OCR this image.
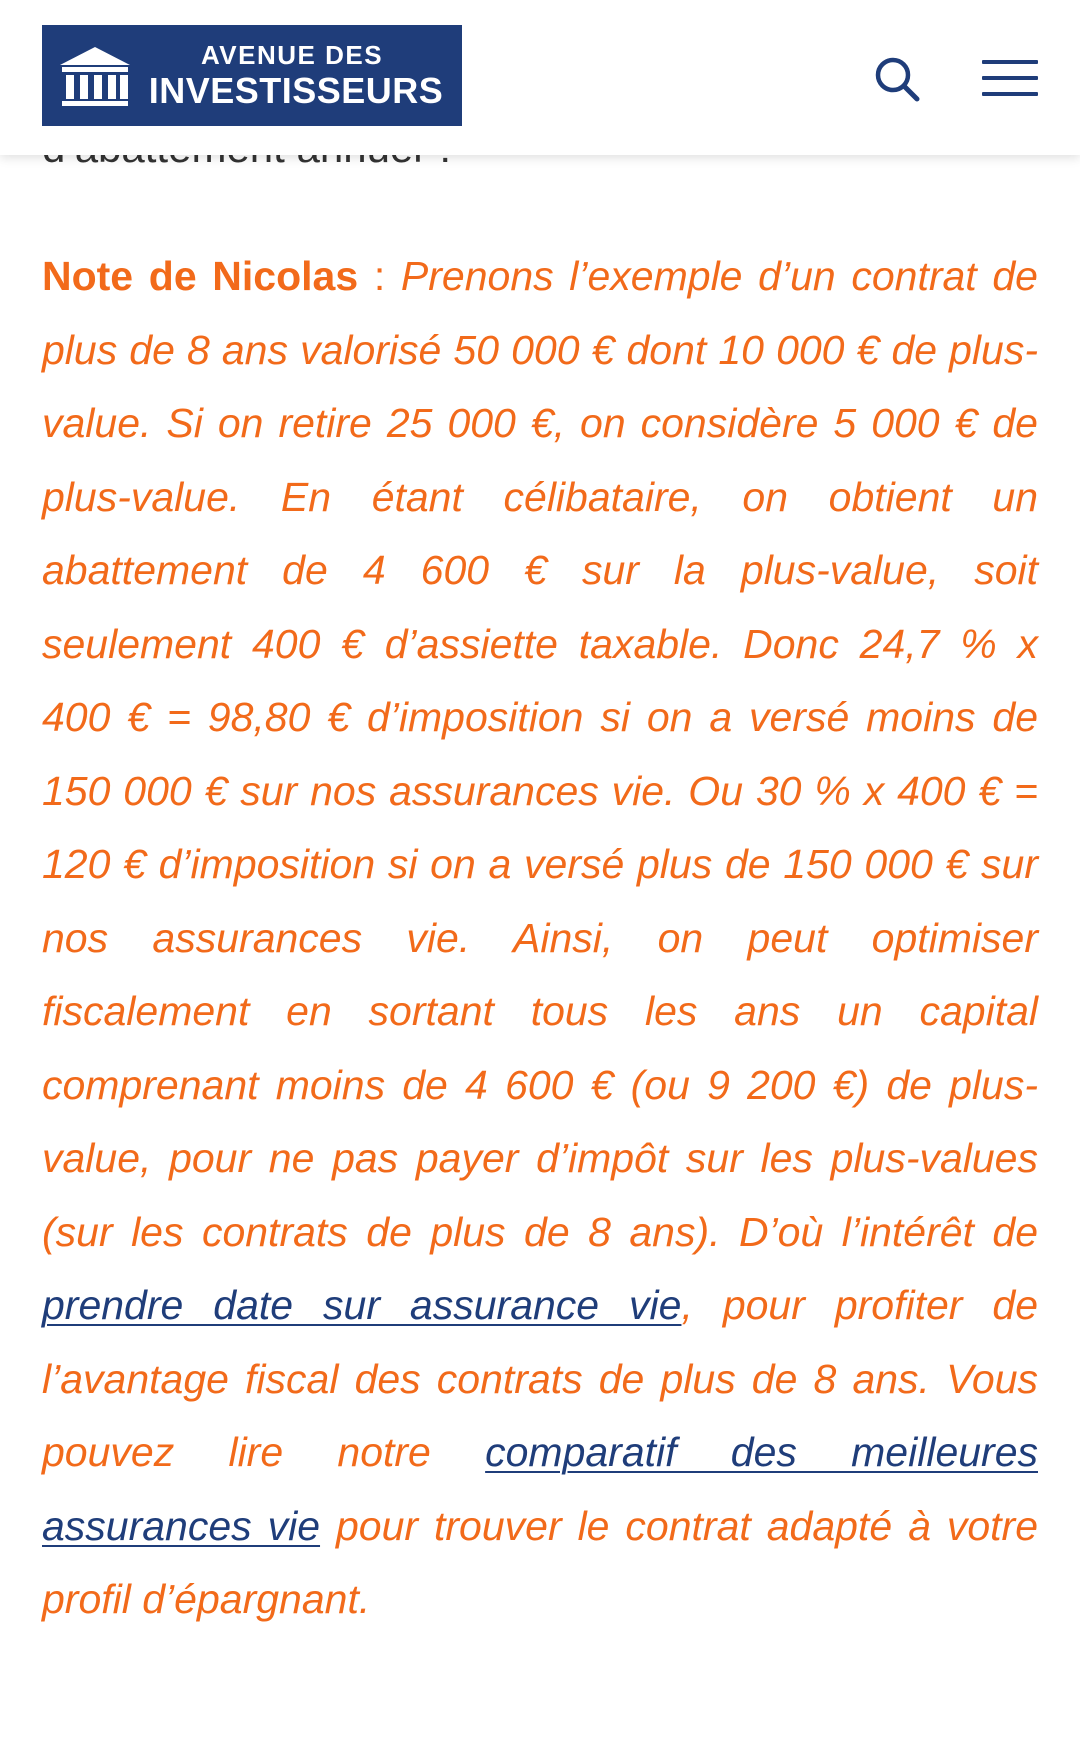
AVENUE DES
INVESTISSEURS

Note de Nicolas : Prenons l’exemple d’un contrat de plus de 8 ans valorisé 50 000 € dont 10 000 € de plus-value. Si on retire 25 000 €, on considère 5 000 € de plus-value. En étant célibataire, on obtient un abattement de 4 600 € sur la plus-value, soit seulement 400 € d’assiette taxable. Donc 24,7 % x 400 € = 98,80 € d’imposition si on a versé moins de 150 000 € sur nos assurances vie. Ou 30 % x 400 € = 120 € d’imposition si on a versé plus de 150 000 € sur nos assurances vie. Ainsi, on peut optimiser fiscalement en sortant tous les ans un capital comprenant moins de 4 600 € (ou 9 200 €) de plus-value, pour ne pas payer d’impôt sur les plus-values (sur les contrats de plus de 8 ans). D’où l’intérêt de prendre date sur assurance vie, pour profiter de l’avantage fiscal des contrats de plus de 8 ans. Vous pouvez lire notre comparatif des meilleures assurances vie pour trouver le contrat adapté à votre profil d’épargnant.
